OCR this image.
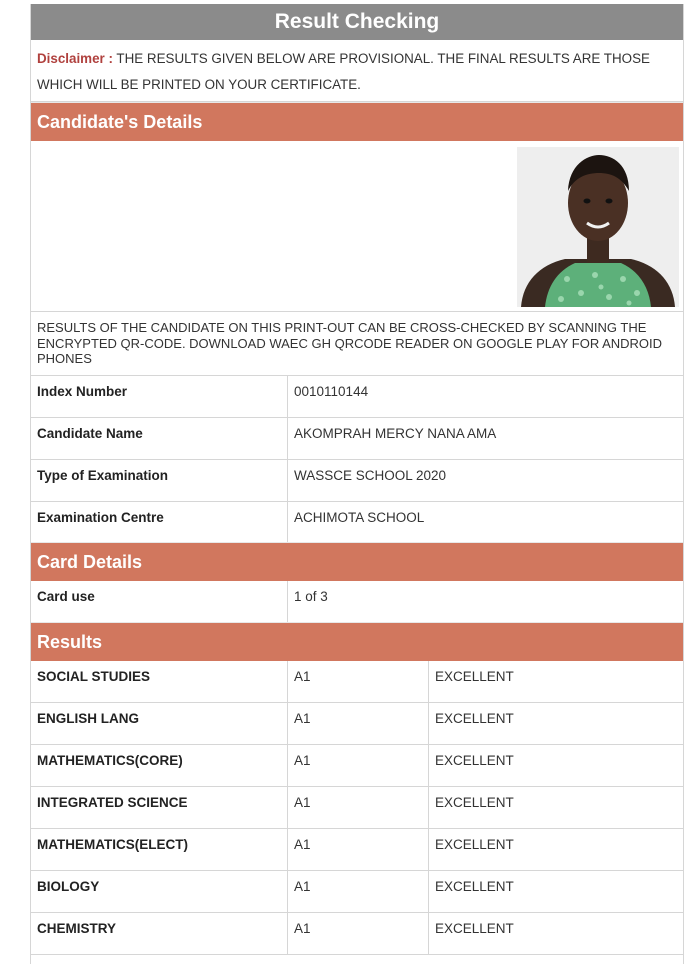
Result Checking
Disclaimer : THE RESULTS GIVEN BELOW ARE PROVISIONAL. THE FINAL RESULTS ARE THOSE WHICH WILL BE PRINTED ON YOUR CERTIFICATE.
Candidate's Details
RESULTS OF THE CANDIDATE ON THIS PRINT-OUT CAN BE CROSS-CHECKED BY SCANNING THE ENCRYPTED QR-CODE. DOWNLOAD WAEC GH QRCODE READER ON GOOGLE PLAY FOR ANDROID PHONES
Index Number	0010110144
Candidate Name	AKOMPRAH MERCY NANA AMA
Type of Examination	WASSCE SCHOOL 2020
Examination Centre	ACHIMOTA SCHOOL
Card Details
Card use	1 of 3
Results
SOCIAL STUDIES	A1	EXCELLENT
ENGLISH LANG	A1	EXCELLENT
MATHEMATICS(CORE)	A1	EXCELLENT
INTEGRATED SCIENCE	A1	EXCELLENT
MATHEMATICS(ELECT)	A1	EXCELLENT
BIOLOGY	A1	EXCELLENT
CHEMISTRY	A1	EXCELLENT
